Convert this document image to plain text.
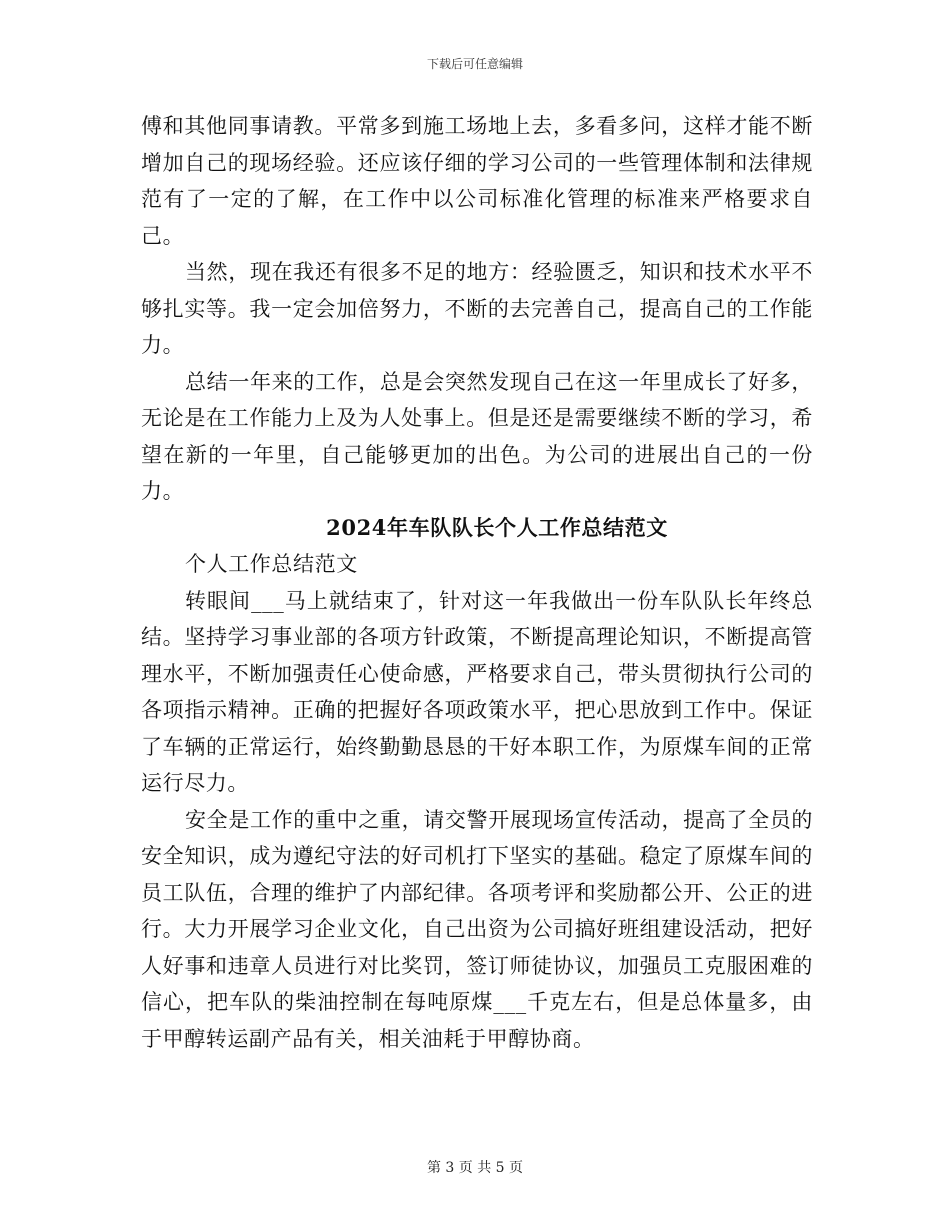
下载后可任意编辑

傅和其他同事请教。平常多到施工场地上去，多看多问，这样才能不断增加自己的现场经验。还应该仔细的学习公司的一些管理体制和法律规范有了一定的了解，在工作中以公司标准化管理的标准来严格要求自己。

当然，现在我还有很多不足的地方：经验匮乏，知识和技术水平不够扎实等。我一定会加倍努力，不断的去完善自己，提高自己的工作能力。

总结一年来的工作，总是会突然发现自己在这一年里成长了好多，无论是在工作能力上及为人处事上。但是还是需要继续不断的学习，希望在新的一年里，自己能够更加的出色。为公司的进展出自己的一份力。

2024年车队队长个人工作总结范文

个人工作总结范文

转眼间___马上就结束了，针对这一年我做出一份车队队长年终总结。坚持学习事业部的各项方针政策，不断提高理论知识，不断提高管理水平，不断加强责任心使命感，严格要求自己，带头贯彻执行公司的各项指示精神。正确的把握好各项政策水平，把心思放到工作中。保证了车辆的正常运行，始终勤勤恳恳的干好本职工作，为原煤车间的正常运行尽力。

安全是工作的重中之重，请交警开展现场宣传活动，提高了全员的安全知识，成为遵纪守法的好司机打下坚实的基础。稳定了原煤车间的员工队伍，合理的维护了内部纪律。各项考评和奖励都公开、公正的进行。大力开展学习企业文化，自己出资为公司搞好班组建设活动，把好人好事和违章人员进行对比奖罚，签订师徒协议，加强员工克服困难的信心，把车队的柴油控制在每吨原煤___千克左右，但是总体量多，由于甲醇转运副产品有关，相关油耗于甲醇协商。

第 3 页 共 5 页
